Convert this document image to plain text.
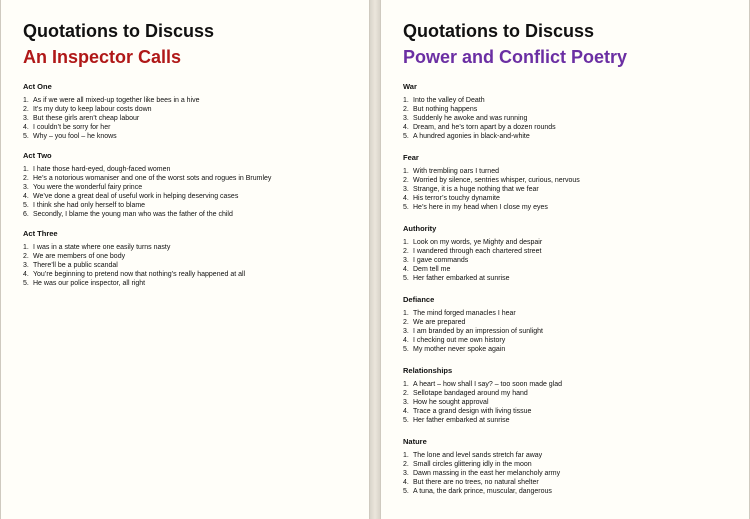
Quotations to Discuss
An Inspector Calls
Act One
1. As if we were all mixed-up together like bees in a hive
2. It’s my duty to keep labour costs down
3. But these girls aren’t cheap labour
4. I couldn’t be sorry for her
5. Why – you fool – he knows
Act Two
1. I hate those hard-eyed, dough-faced women
2. He’s a notorious womaniser and one of the worst sots and rogues in Brumley
3. You were the wonderful fairy prince
4. We’ve done a great deal of useful work in helping deserving cases
5. I think she had only herself to blame
6. Secondly, I blame the young man who was the father of the child
Act Three
1. I was in a state where one easily turns nasty
2. We are members of one body
3. There’ll be a public scandal
4. You’re beginning to pretend now that nothing’s really happened at all
5. He was our police inspector, all right
Quotations to Discuss
Power and Conflict Poetry
War
1. Into the valley of Death
2. But nothing happens
3. Suddenly he awoke and was running
4. Dream, and he’s torn apart by a dozen rounds
5. A hundred agonies in black-and-white
Fear
1. With trembling oars I turned
2. Worried by silence, sentries whisper, curious, nervous
3. Strange, it is a huge nothing that we fear
4. His terror’s touchy dynamite
5. He’s here in my head when I close my eyes
Authority
1. Look on my words, ye Mighty and despair
2. I wandered through each chartered street
3. I gave commands
4. Dem tell me
5. Her father embarked at sunrise
Defiance
1. The mind forged manacles I hear
2. We are prepared
3. I am branded by an impression of sunlight
4. I checking out me own history
5. My mother never spoke again
Relationships
1. A heart – how shall I say? – too soon made glad
2. Sellotape bandaged around my hand
3. How he sought approval
4. Trace a grand design with living tissue
5. Her father embarked at sunrise
Nature
1. The lone and level sands stretch far away
2. Small circles glittering idly in the moon
3. Dawn massing in the east her melancholy army
4. But there are no trees, no natural shelter
5. A tuna, the dark prince, muscular, dangerous
